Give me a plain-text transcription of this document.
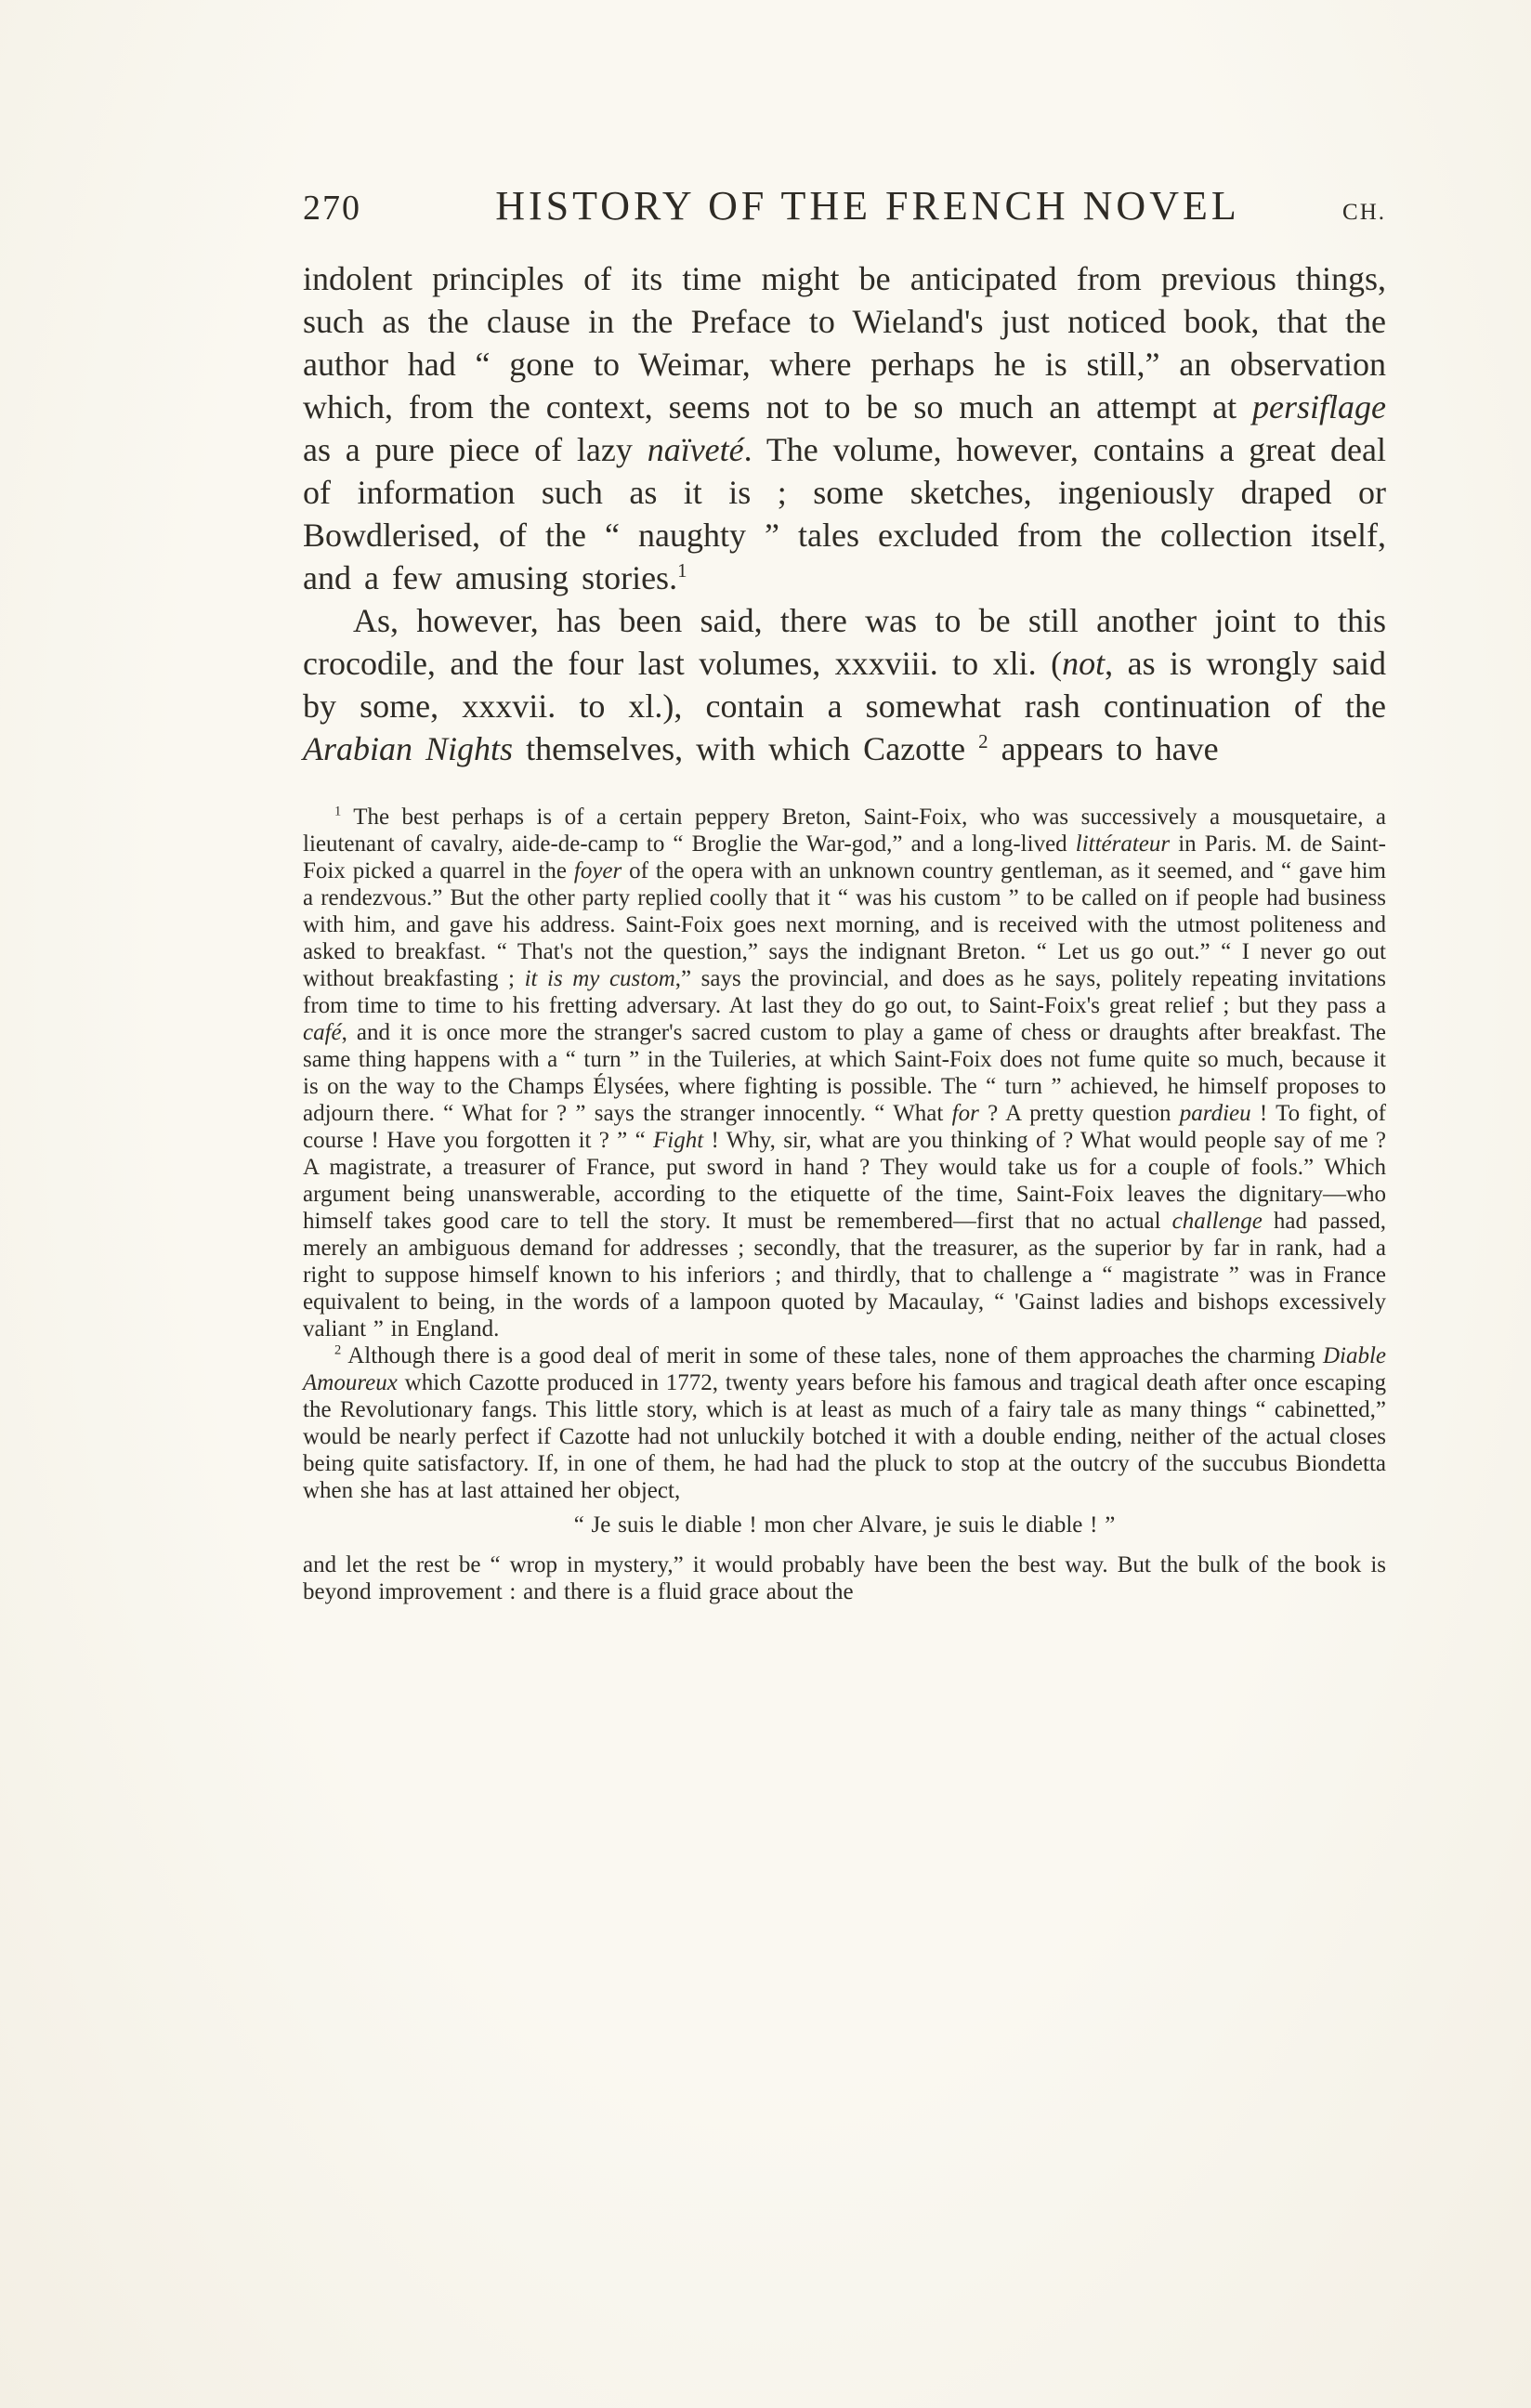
270	HISTORY OF THE FRENCH NOVEL	CH.

indolent principles of its time might be anticipated from previous things, such as the clause in the Preface to Wieland's just noticed book, that the author had “ gone to Weimar, where perhaps he is still,” an observation which, from the context, seems not to be so much an attempt at persiflage as a pure piece of lazy naïveté. The volume, however, contains a great deal of information such as it is ; some sketches, ingeniously draped or Bowdlerised, of the “ naughty ” tales excluded from the collection itself, and a few amusing stories.$^1$

As, however, has been said, there was to be still another joint to this crocodile, and the four last volumes, xxxviii. to xli. (not, as is wrongly said by some, xxxvii. to xl.), contain a somewhat rash continuation of the Arabian Nights themselves, with which Cazotte $^2$ appears to have

$^1$ The best perhaps is of a certain peppery Breton, Saint-Foix, who was successively a mousquetaire, a lieutenant of cavalry, aide-de-camp to “ Broglie the War-god,” and a long-lived littérateur in Paris. M. de Saint-Foix picked a quarrel in the foyer of the opera with an unknown country gentleman, as it seemed, and “ gave him a rendezvous.” But the other party replied coolly that it “ was his custom ” to be called on if people had business with him, and gave his address. Saint-Foix goes next morning, and is received with the utmost politeness and asked to breakfast. “ That's not the question,” says the indignant Breton. “ Let us go out.” “ I never go out without breakfasting ; it is my custom,” says the provincial, and does as he says, politely repeating invitations from time to time to his fretting adversary. At last they do go out, to Saint-Foix's great relief ; but they pass a café, and it is once more the stranger's sacred custom to play a game of chess or draughts after breakfast. The same thing happens with a “ turn ” in the Tuileries, at which Saint-Foix does not fume quite so much, because it is on the way to the Champs Élysées, where fighting is possible. The “ turn ” achieved, he himself proposes to adjourn there. “ What for ? ” says the stranger innocently. “ What for ? A pretty question pardieu ! To fight, of course ! Have you forgotten it ? ” “ Fight ! Why, sir, what are you thinking of ? What would people say of me ? A magistrate, a treasurer of France, put sword in hand ? They would take us for a couple of fools.” Which argument being unanswerable, according to the etiquette of the time, Saint-Foix leaves the dignitary—who himself takes good care to tell the story. It must be remembered—first that no actual challenge had passed, merely an ambiguous demand for addresses ; secondly, that the treasurer, as the superior by far in rank, had a right to suppose himself known to his inferiors ; and thirdly, that to challenge a “ magistrate ” was in France equivalent to being, in the words of a lampoon quoted by Macaulay, “ 'Gainst ladies and bishops excessively valiant ” in England.

$^2$ Although there is a good deal of merit in some of these tales, none of them approaches the charming Diable Amoureux which Cazotte produced in 1772, twenty years before his famous and tragical death after once escaping the Revolutionary fangs. This little story, which is at least as much of a fairy tale as many things “ cabinetted,” would be nearly perfect if Cazotte had not unluckily botched it with a double ending, neither of the actual closes being quite satisfactory. If, in one of them, he had had the pluck to stop at the outcry of the succubus Biondetta when she has at last attained her object,

“ Je suis le diable ! mon cher Alvare, je suis le diable ! ”

and let the rest be “ wrop in mystery,” it would probably have been the best way. But the bulk of the book is beyond improvement : and there is a fluid grace about the
